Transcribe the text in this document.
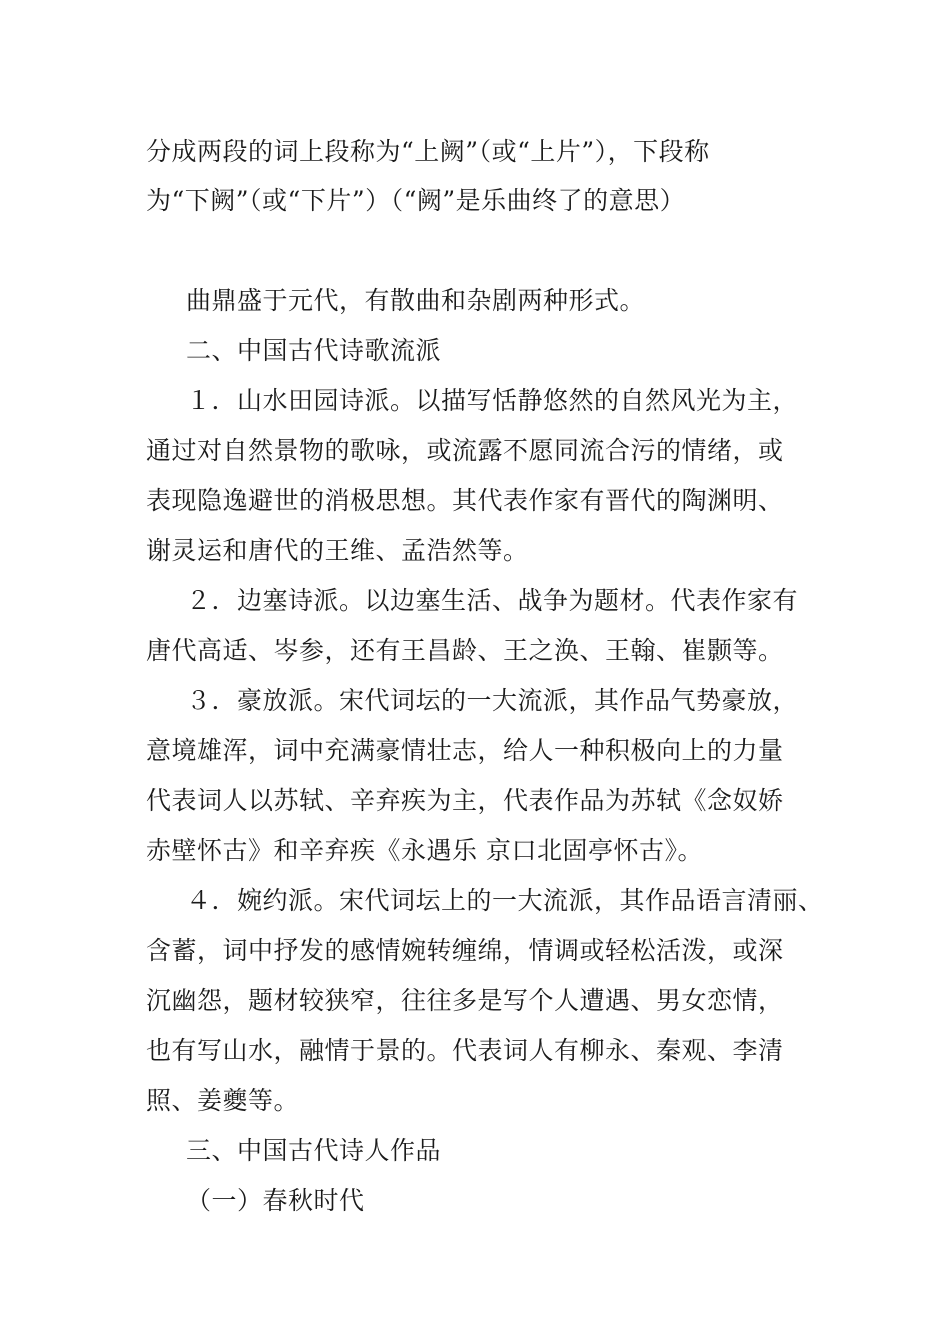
分成两段的词上段称为“上阙”（或“上片”），下段称
为“下阙”（或“下片”）（“阙”是乐曲终了的意思）
曲鼎盛于元代，有散曲和杂剧两种形式。
二、中国古代诗歌流派
１．山水田园诗派。以描写恬静悠然的自然风光为主，
通过对自然景物的歌咏，或流露不愿同流合污的情绪，或
表现隐逸避世的消极思想。其代表作家有晋代的陶渊明、
谢灵运和唐代的王维、孟浩然等。
２．边塞诗派。以边塞生活、战争为题材。代表作家有
唐代高适、岑参，还有王昌龄、王之涣、王翰、崔颢等。
３．豪放派。宋代词坛的一大流派，其作品气势豪放，
意境雄浑，词中充满豪情壮志，给人一种积极向上的力量
代表词人以苏轼、辛弃疾为主，代表作品为苏轼《念奴娇
赤壁怀古》和辛弃疾《永遇乐 京口北固亭怀古》。
４．婉约派。宋代词坛上的一大流派，其作品语言清丽、
含蓄，词中抒发的感情婉转缠绵，情调或轻松活泼，或深
沉幽怨，题材较狭窄，往往多是写个人遭遇、男女恋情，
也有写山水，融情于景的。代表词人有柳永、秦观、李清
照、姜夔等。
三、中国古代诗人作品
（一）春秋时代
